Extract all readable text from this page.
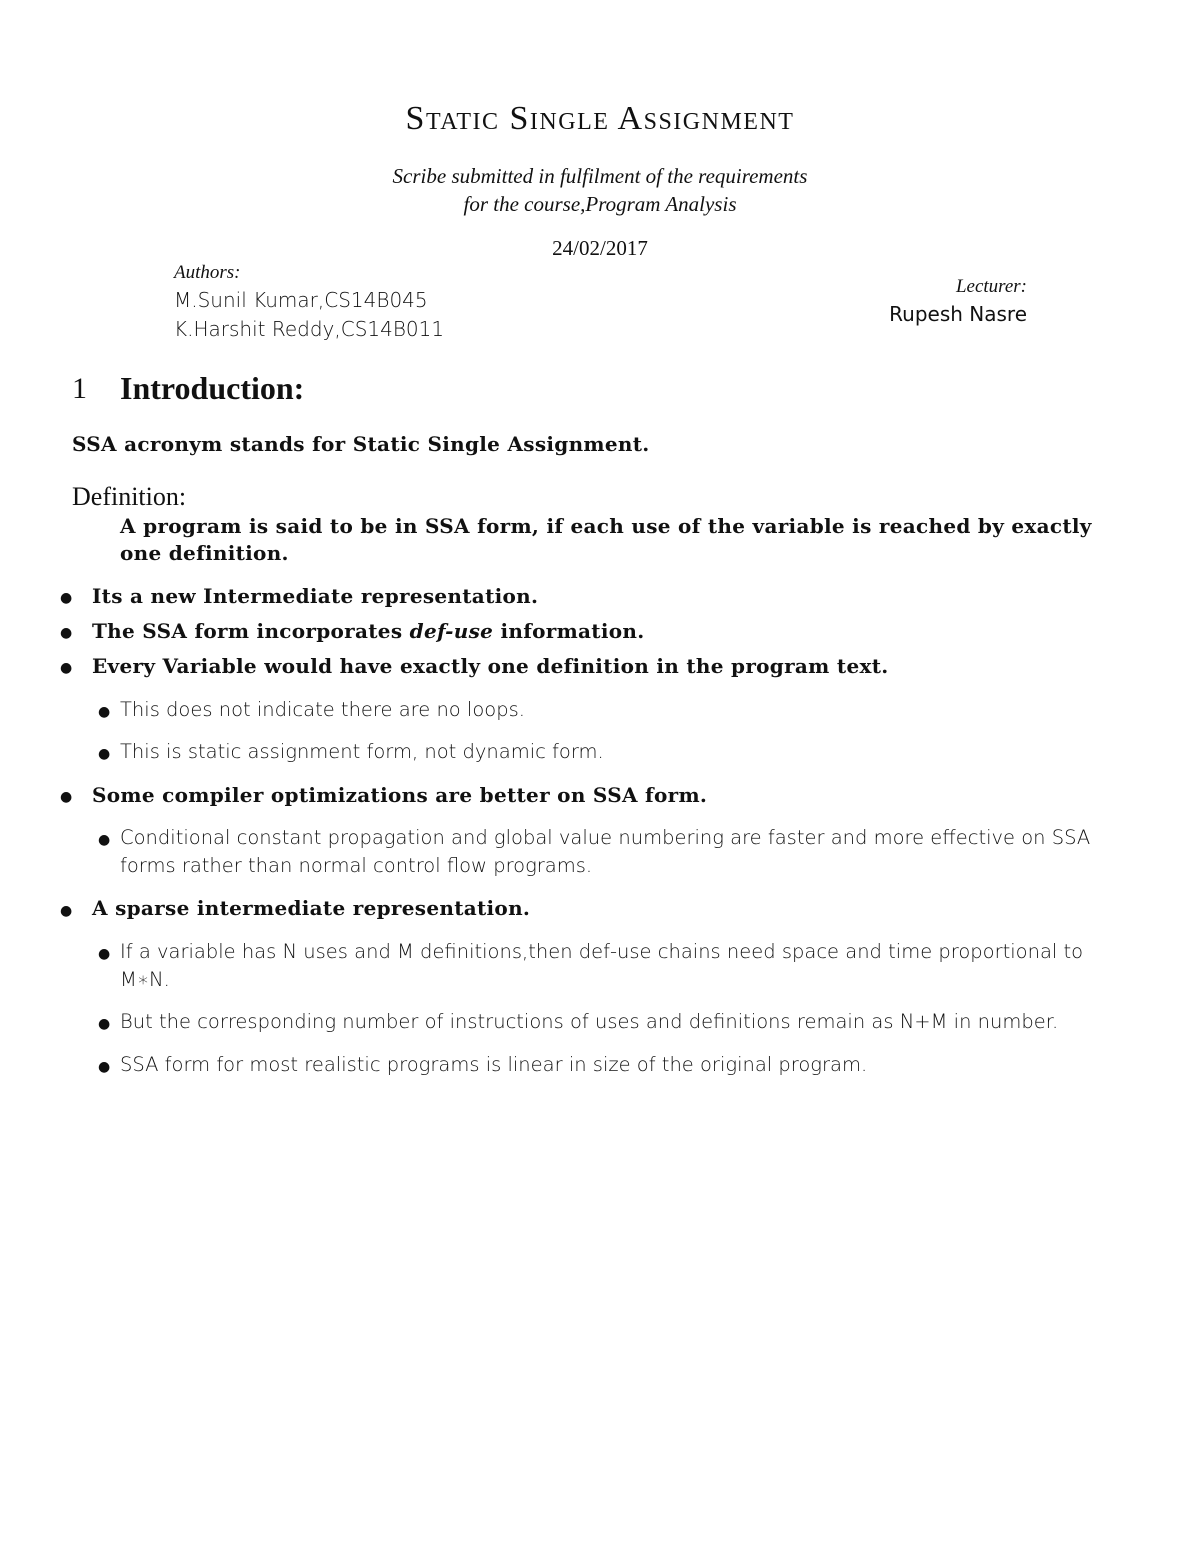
Static Single Assignment
Scribe submitted in fulfilment of the requirements
for the course,Program Analysis
24/02/2017
Authors:
M.Sunil Kumar,CS14B045
K.Harshit Reddy,CS14B011
Lecturer:
Rupesh Nasre
1 Introduction:
SSA acronym stands for Static Single Assignment.
Definition:
A program is said to be in SSA form, if each use of the variable is reached by exactly one definition.
● Its a new Intermediate representation.
● The SSA form incorporates def-use information.
● Every Variable would have exactly one definition in the program text.
● This does not indicate there are no loops.
● This is static assignment form, not dynamic form.
● Some compiler optimizations are better on SSA form.
● Conditional constant propagation and global value numbering are faster and more effective on SSA forms rather than normal control flow programs.
● A sparse intermediate representation.
● If a variable has N uses and M definitions,then def-use chains need space and time proportional to M∗N.
● But the corresponding number of instructions of uses and definitions remain as N+M in number.
● SSA form for most realistic programs is linear in size of the original program.
